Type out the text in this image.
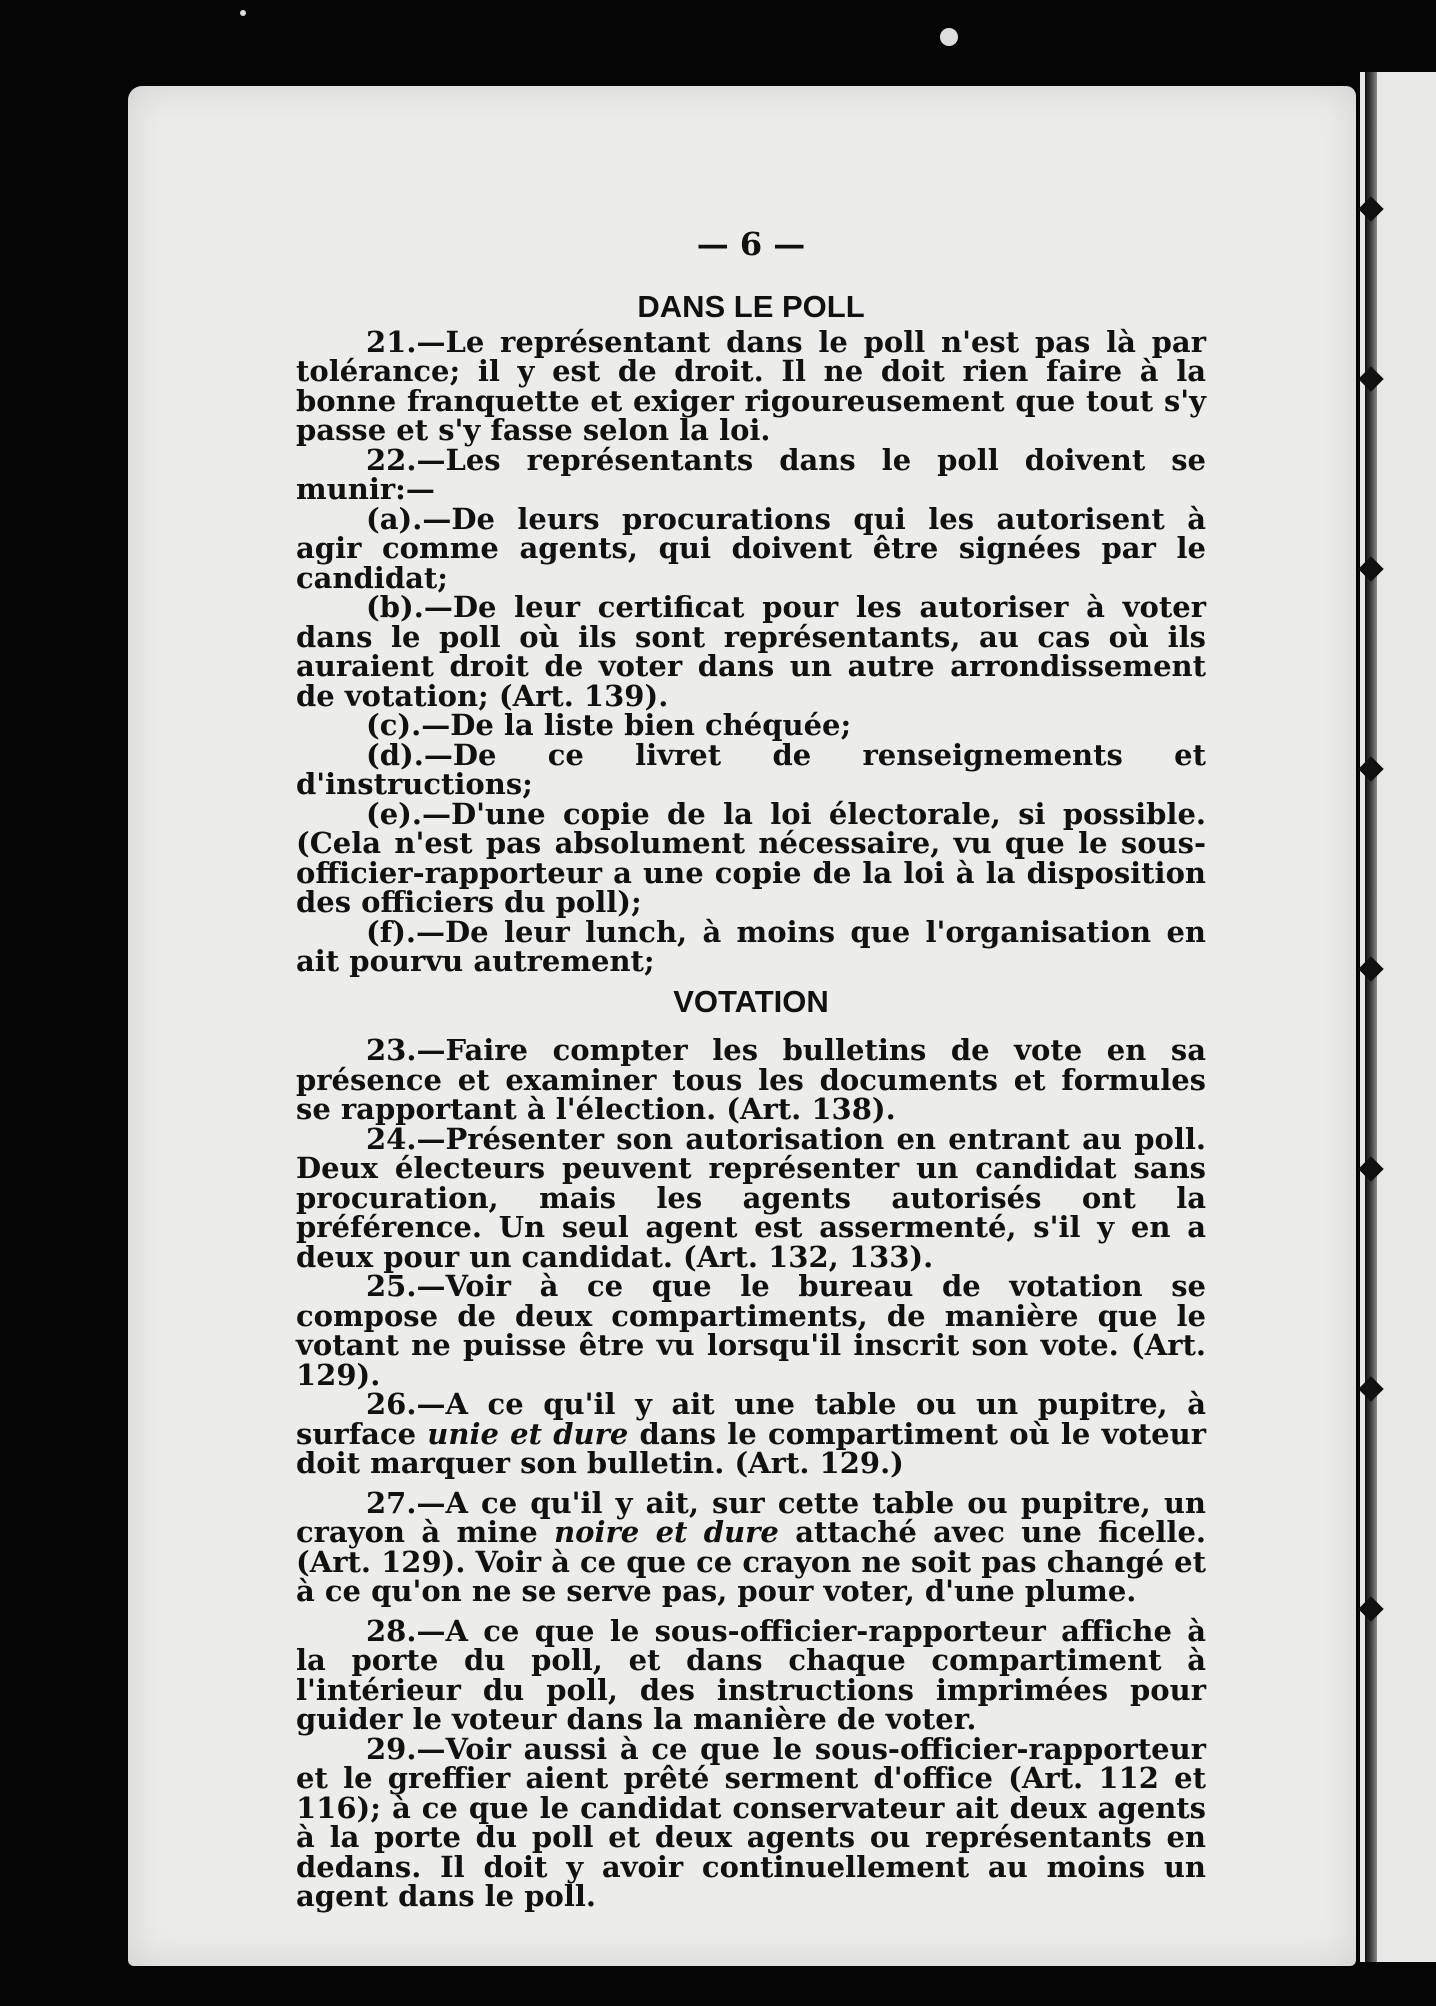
— 6 —
DANS LE POLL

21.—Le représentant dans le poll n'est pas là par tolérance; il y est de droit. Il ne doit rien faire à la bonne franquette et exiger rigoureusement que tout s'y passe et s'y fasse selon la loi.

22.—Les représentants dans le poll doivent se munir:—

(a).—De leurs procurations qui les autorisent à agir comme agents, qui doivent être signées par le candidat;

(b).—De leur certificat pour les autoriser à voter dans le poll où ils sont représentants, au cas où ils auraient droit de voter dans un autre arrondissement de votation; (Art. 139).

(c).—De la liste bien chéquée;

(d).—De ce livret de renseignements et d'instructions;

(e).—D'une copie de la loi électorale, si possible. (Cela n'est pas absolument nécessaire, vu que le sous-officier-rapporteur a une copie de la loi à la disposition des officiers du poll);

(f).—De leur lunch, à moins que l'organisation en ait pourvu autrement;

VOTATION

23.—Faire compter les bulletins de vote en sa présence et examiner tous les documents et formules se rapportant à l'élection. (Art. 138).

24.—Présenter son autorisation en entrant au poll. Deux électeurs peuvent représenter un candidat sans procuration, mais les agents autorisés ont la préférence. Un seul agent est assermenté, s'il y en a deux pour un candidat. (Art. 132, 133).

25.—Voir à ce que le bureau de votation se compose de deux compartiments, de manière que le votant ne puisse être vu lorsqu'il inscrit son vote. (Art. 129).

26.—A ce qu'il y ait une table ou un pupitre, à surface unie et dure dans le compartiment où le voteur doit marquer son bulletin. (Art. 129.)

27.—A ce qu'il y ait, sur cette table ou pupitre, un crayon à mine noire et dure attaché avec une ficelle. (Art. 129). Voir à ce que ce crayon ne soit pas changé et à ce qu'on ne se serve pas, pour voter, d'une plume.

28.—A ce que le sous-officier-rapporteur affiche à la porte du poll, et dans chaque compartiment à l'intérieur du poll, des instructions imprimées pour guider le voteur dans la manière de voter.

29.—Voir aussi à ce que le sous-officier-rapporteur et le greffier aient prêté serment d'office (Art. 112 et 116); à ce que le candidat conservateur ait deux agents à la porte du poll et deux agents ou représentants en dedans. Il doit y avoir continuellement au moins un agent dans le poll.
